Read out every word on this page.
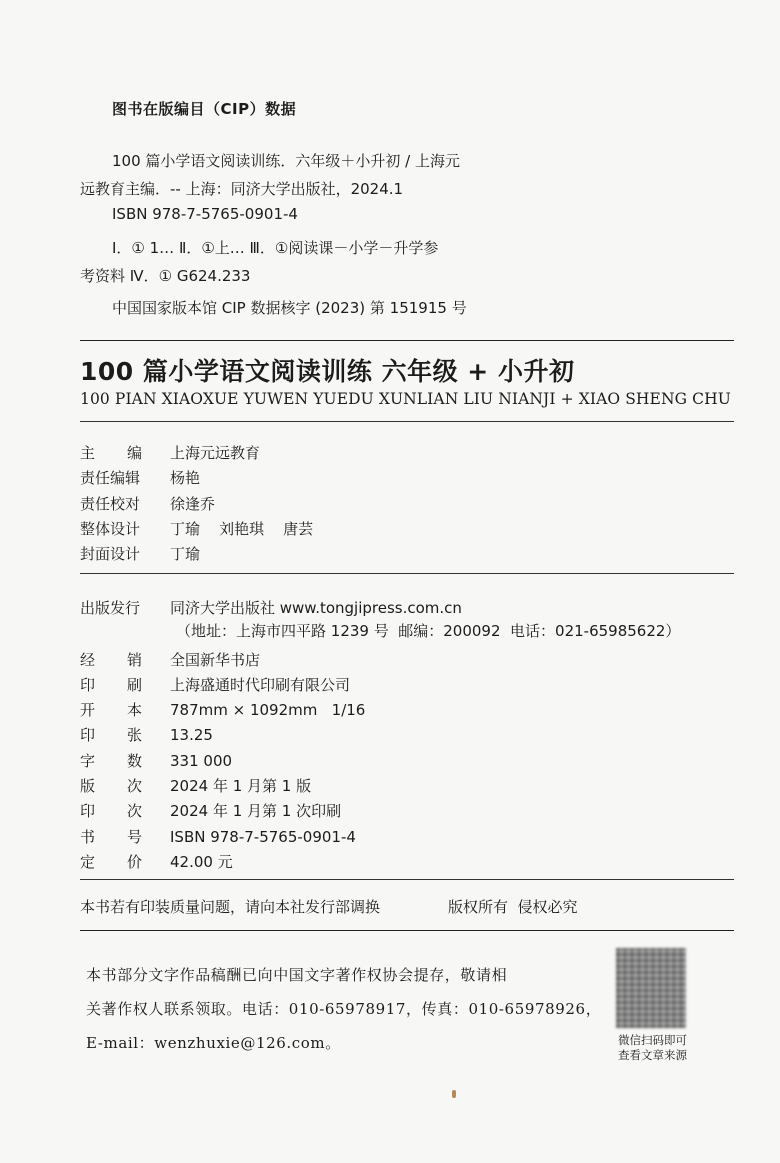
图书在版编目（CIP）数据
100 篇小学语文阅读训练．六年级＋小升初 / 上海元
远教育主编．-- 上海：同济大学出版社，2024.1
ISBN 978-7-5765-0901-4
Ⅰ．① 1… Ⅱ．①上… Ⅲ．①阅读课－小学－升学参
考资料 Ⅳ．① G624.233
中国国家版本馆 CIP 数据核字 (2023) 第 151915 号
100 篇小学语文阅读训练 六年级 + 小升初
100 PIAN XIAOXUE YUWEN YUEDU XUNLIAN LIU NIANJI + XIAO SHENG CHU
主 编 上海元远教育
责任编辑 杨艳
责任校对 徐逢乔
整体设计 丁瑜    刘艳琪    唐芸
封面设计 丁瑜
出版发行 同济大学出版社 www.tongjipress.com.cn
（地址：上海市四平路 1239 号  邮编：200092  电话：021-65985622）
经 销 全国新华书店
印 刷 上海盛通时代印刷有限公司
开 本 787mm × 1092mm   1/16
印 张 13.25
字 数 331 000
版 次 2024 年 1 月第 1 版
印 次 2024 年 1 月第 1 次印刷
书 号 ISBN 978-7-5765-0901-4
定 价 42.00 元
本书若有印装质量问题，请向本社发行部调换	版权所有  侵权必究
本书部分文字作品稿酬已向中国文字著作权协会提存，敬请相
关著作权人联系领取。电话：010-65978917，传真：010-65978926，
E-mail：wenzhuxie@126.com。	微信扫码即可
查看文章来源
